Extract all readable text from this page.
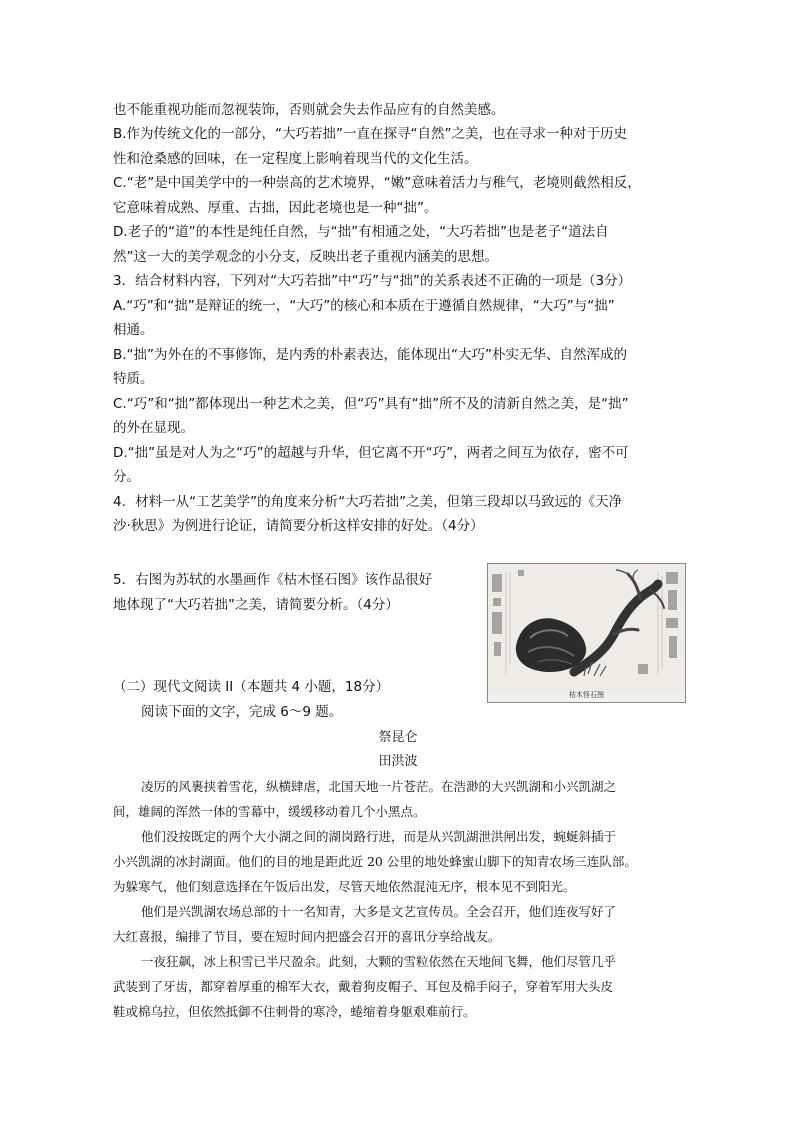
也不能重视功能而忽视装饰，否则就会失去作品应有的自然美感。

B.作为传统文化的一部分，“大巧若拙”一直在探寻“自然”之美，也在寻求一种对于历史

性和沧桑感的回味，在一定程度上影响着现当代的文化生活。

C.“老”是中国美学中的一种崇高的艺术境界，“嫩”意味着活力与稚气，老境则截然相反，

它意味着成熟、厚重、古拙，因此老境也是一种“拙”。

D.老子的“道”的本性是纯任自然，与“拙”有相通之处，“大巧若拙”也是老子“道法自

然”这一大的美学观念的小分支，反映出老子重视内涵美的思想。

3．结合材料内容，下列对“大巧若拙”中“巧”与“拙”的关系表述不正确的一项是（3分）

A.“巧”和“拙”是辩证的统一，“大巧”的核心和本质在于遵循自然规律，“大巧”与“拙”

相通。

B.“拙”为外在的不事修饰，是内秀的朴素表达，能体现出“大巧”朴实无华、自然浑成的

特质。

C.“巧”和“拙”都体现出一种艺术之美，但“巧”具有“拙”所不及的清新自然之美，是“拙”

的外在显现。

D.“拙”虽是对人为之“巧”的超越与升华，但它离不开“巧”，两者之间互为依存，密不可

分。

4．材料一从“工艺美学”的角度来分析“大巧若拙”之美，但第三段却以马致远的《天净

沙·秋思》为例进行论证，请简要分析这样安排的好处。（4分）

5．右图为苏轼的水墨画作《枯木怪石图》该作品很好

地体现了“大巧若拙”之美，请简要分析。（4分）

枯木怪石图

（二）现代文阅读 II（本题共 4 小题，18分）

阅读下面的文字，完成 6～9 题。

祭昆仑

田洪波

凌厉的风裹挟着雪花，纵横肆虐，北国天地一片苍茫。在浩渺的大兴凯湖和小兴凯湖之

间，雄阔的浑然一体的雪幕中，缓缓移动着几个小黑点。

他们没按既定的两个大小湖之间的湖岗路行进，而是从兴凯湖泄洪闸出发，蜿蜒斜插于

小兴凯湖的冰封湖面。他们的目的地是距此近 20 公里的地处蜂蜜山脚下的知青农场三连队部。

为躲寒气，他们刻意选择在午饭后出发，尽管天地依然混沌无序，根本见不到阳光。

他们是兴凯湖农场总部的十一名知青，大多是文艺宣传员。全会召开，他们连夜写好了

大红喜报，编排了节目，要在短时间内把盛会召开的喜讯分享给战友。

一夜狂飙，冰上积雪已半尺盈余。此刻，大颗的雪粒依然在天地间飞舞，他们尽管几乎

武装到了牙齿，都穿着厚重的棉军大衣，戴着狗皮帽子、耳包及棉手闷子，穿着军用大头皮

鞋或棉乌拉，但依然抵御不住刺骨的寒冷，蜷缩着身躯艰难前行。
